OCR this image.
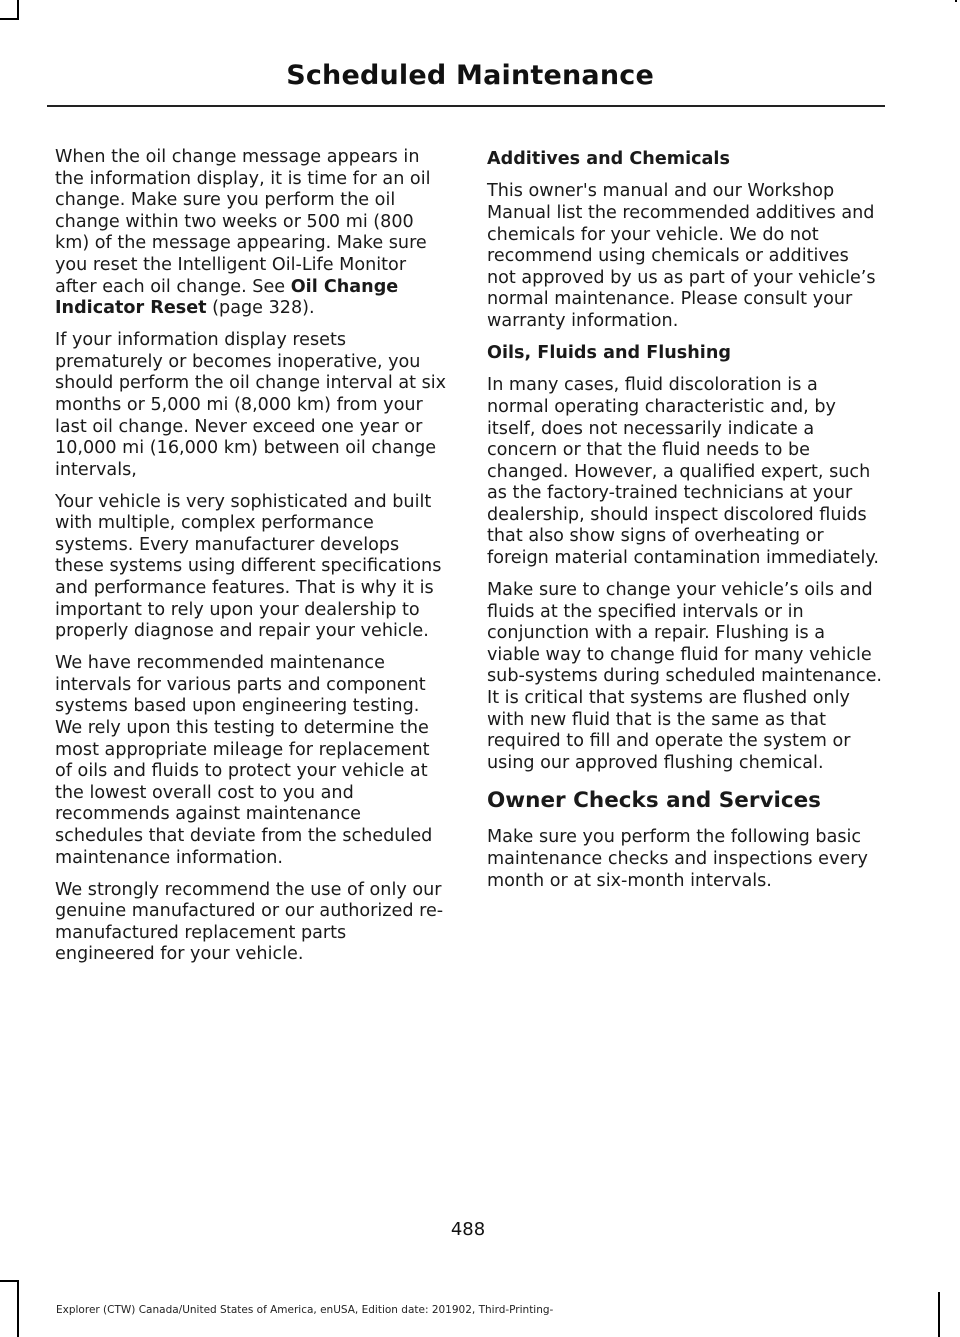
Scheduled Maintenance

When the oil change message appears in the information display, it is time for an oil change. Make sure you perform the oil change within two weeks or 500 mi (800 km) of the message appearing. Make sure you reset the Intelligent Oil-Life Monitor after each oil change. See Oil Change Indicator Reset (page 328).

If your information display resets prematurely or becomes inoperative, you should perform the oil change interval at six months or 5,000 mi (8,000 km) from your last oil change. Never exceed one year or 10,000 mi (16,000 km) between oil change intervals,

Your vehicle is very sophisticated and built with multiple, complex performance systems. Every manufacturer develops these systems using different specifications and performance features. That is why it is important to rely upon your dealership to properly diagnose and repair your vehicle.

We have recommended maintenance intervals for various parts and component systems based upon engineering testing. We rely upon this testing to determine the most appropriate mileage for replacement of oils and fluids to protect your vehicle at the lowest overall cost to you and recommends against maintenance schedules that deviate from the scheduled maintenance information.

We strongly recommend the use of only our genuine manufactured or our authorized re-manufactured replacement parts engineered for your vehicle.

Additives and Chemicals

This owner's manual and our Workshop Manual list the recommended additives and chemicals for your vehicle. We do not recommend using chemicals or additives not approved by us as part of your vehicle’s normal maintenance. Please consult your warranty information.

Oils, Fluids and Flushing

In many cases, fluid discoloration is a normal operating characteristic and, by itself, does not necessarily indicate a concern or that the fluid needs to be changed. However, a qualified expert, such as the factory-trained technicians at your dealership, should inspect discolored fluids that also show signs of overheating or foreign material contamination immediately.

Make sure to change your vehicle’s oils and fluids at the specified intervals or in conjunction with a repair. Flushing is a viable way to change fluid for many vehicle sub-systems during scheduled maintenance. It is critical that systems are flushed only with new fluid that is the same as that required to fill and operate the system or using our approved flushing chemical.

Owner Checks and Services

Make sure you perform the following basic maintenance checks and inspections every month or at six-month intervals.

488
Explorer (CTW) Canada/United States of America, enUSA, Edition date: 201902, Third-Printing-
